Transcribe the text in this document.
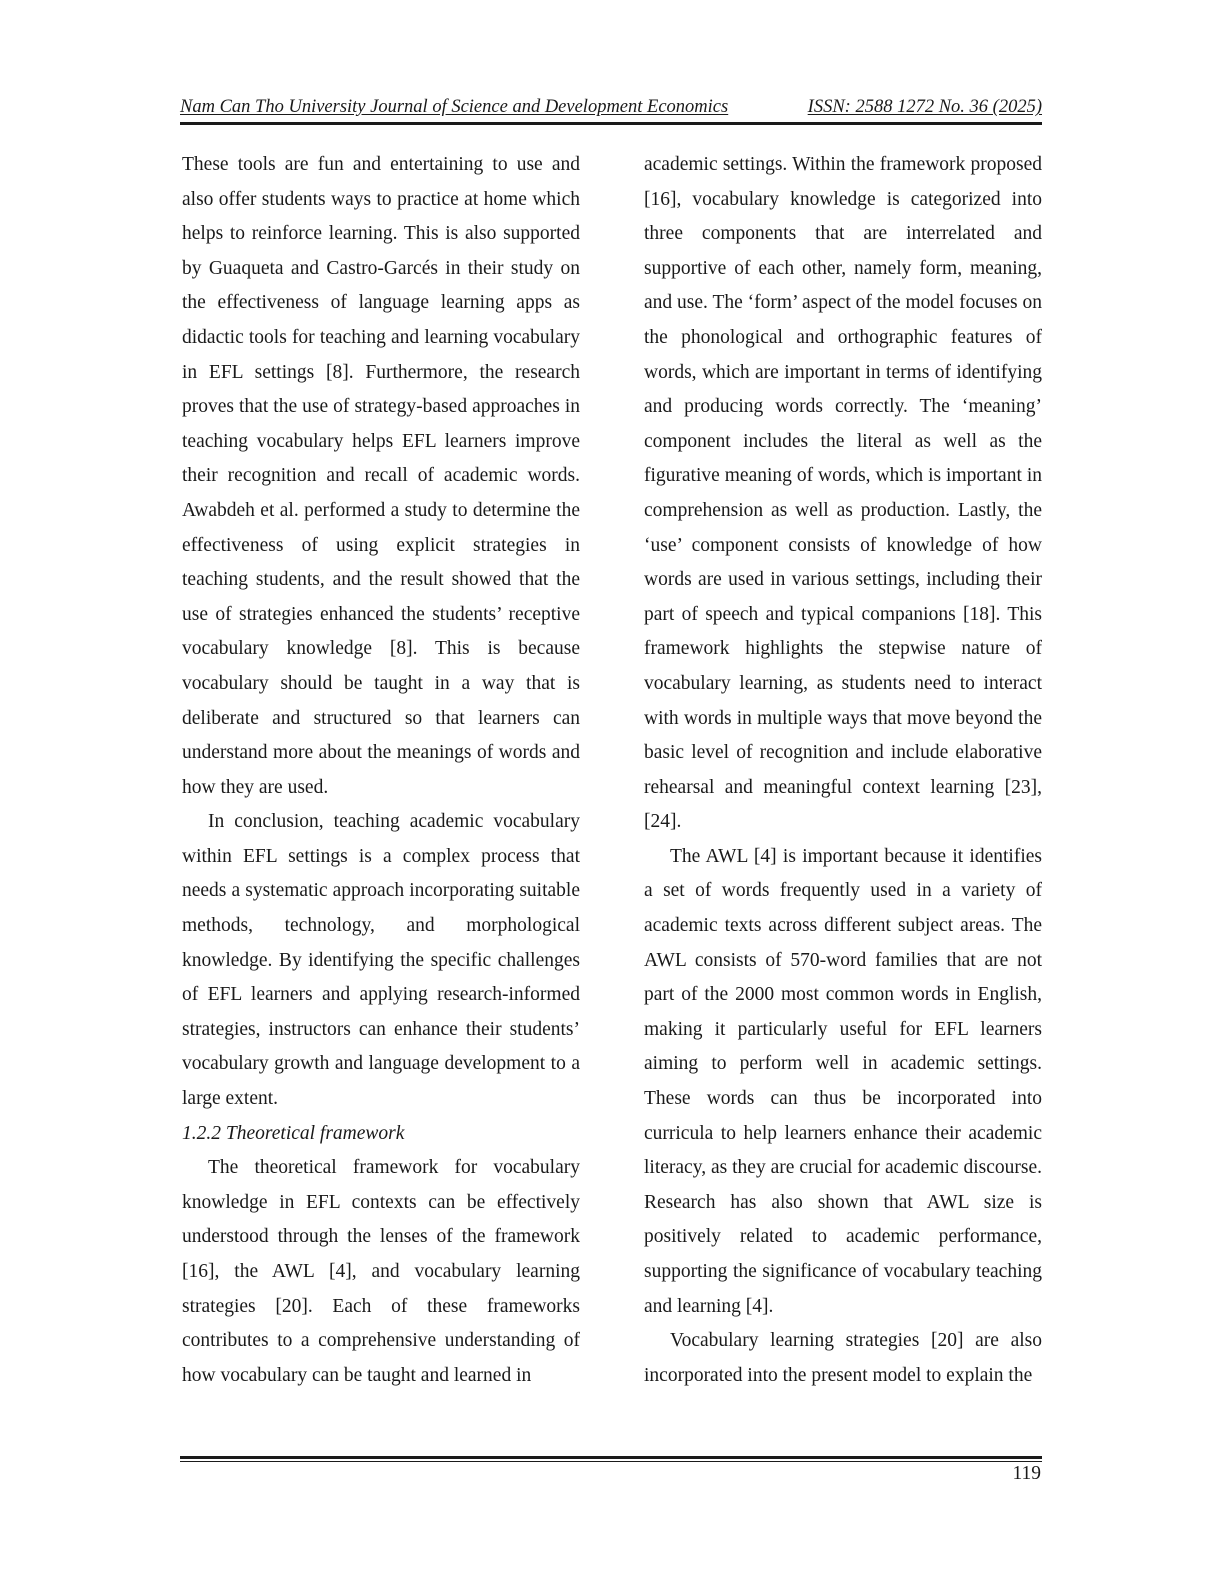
Nam Can Tho University Journal of Science and Development Economics	ISSN: 2588 1272 No. 36 (2025)

These tools are fun and entertaining to use and also offer students ways to practice at home which helps to reinforce learning. This is also supported by Guaqueta and Castro-Garcés in their study on the effectiveness of language learning apps as didactic tools for teaching and learning vocabulary in EFL settings [8]. Furthermore, the research proves that the use of strategy-based approaches in teaching vocabulary helps EFL learners improve their recognition and recall of academic words. Awabdeh et al. performed a study to determine the effectiveness of using explicit strategies in teaching students, and the result showed that the use of strategies enhanced the students’ receptive vocabulary knowledge [8]. This is because vocabulary should be taught in a way that is deliberate and structured so that learners can understand more about the meanings of words and how they are used.

In conclusion, teaching academic vocabulary within EFL settings is a complex process that needs a systematic approach incorporating suitable methods, technology, and morphological knowledge. By identifying the specific challenges of EFL learners and applying research-informed strategies, instructors can enhance their students’ vocabulary growth and language development to a large extent.

1.2.2 Theoretical framework

The theoretical framework for vocabulary knowledge in EFL contexts can be effectively understood through the lenses of the framework [16], the AWL [4], and vocabulary learning strategies [20]. Each of these frameworks contributes to a comprehensive understanding of how vocabulary can be taught and learned in

academic settings. Within the framework proposed [16], vocabulary knowledge is categorized into three components that are interrelated and supportive of each other, namely form, meaning, and use. The ‘form’ aspect of the model focuses on the phonological and orthographic features of words, which are important in terms of identifying and producing words correctly. The ‘meaning’ component includes the literal as well as the figurative meaning of words, which is important in comprehension as well as production. Lastly, the ‘use’ component consists of knowledge of how words are used in various settings, including their part of speech and typical companions [18]. This framework highlights the stepwise nature of vocabulary learning, as students need to interact with words in multiple ways that move beyond the basic level of recognition and include elaborative rehearsal and meaningful context learning [23], [24].

The AWL [4] is important because it identifies a set of words frequently used in a variety of academic texts across different subject areas. The AWL consists of 570-word families that are not part of the 2000 most common words in English, making it particularly useful for EFL learners aiming to perform well in academic settings. These words can thus be incorporated into curricula to help learners enhance their academic literacy, as they are crucial for academic discourse. Research has also shown that AWL size is positively related to academic performance, supporting the significance of vocabulary teaching and learning [4].

Vocabulary learning strategies [20] are also incorporated into the present model to explain the

119
